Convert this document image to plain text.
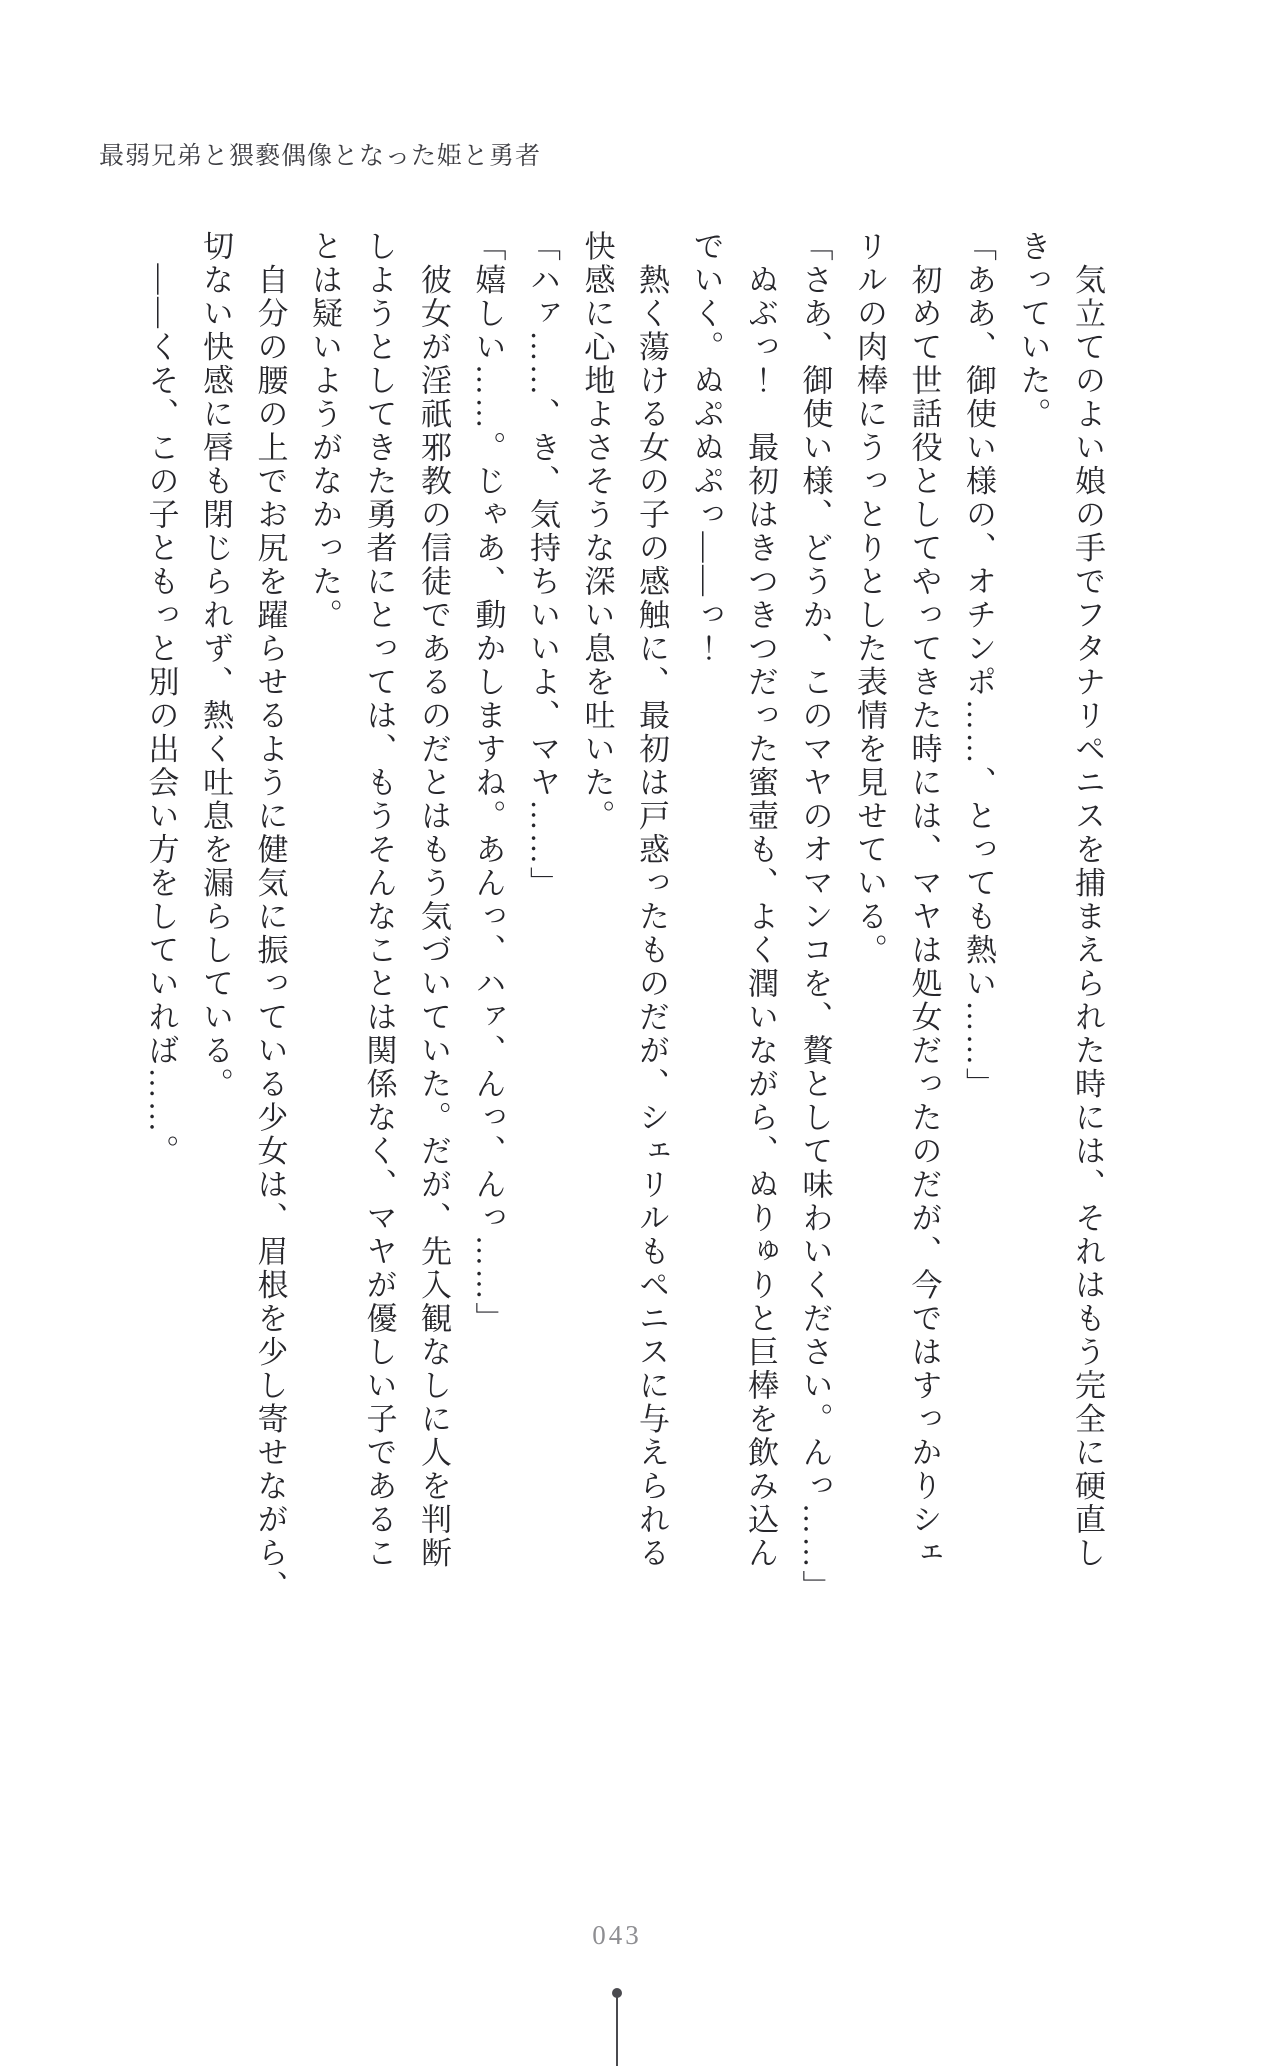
最弱兄弟と猥褻偶像となった姫と勇者

　気立てのよい娘の手でフタナリペニスを捕まえられた時には、それはもう完全に硬直し

きっていた。

「ああ、御使い様の、オチンポ……、とっても熱い……」

　初めて世話役としてやってきた時には、マヤは処女だったのだが、今ではすっかりシェ

リルの肉棒にうっとりとした表情を見せている。

「さあ、御使い様、どうか、このマヤのオマンコを、贅として味わいください。んっ……」

　ぬぶっ！　最初はきつきつだった蜜壺も、よく潤いながら、ぬりゅりと巨棒を飲み込ん

でいく。ぬぷぬぷっ――っ！

　熱く蕩ける女の子の感触に、最初は戸惑ったものだが、シェリルもペニスに与えられる

快感に心地よさそうな深い息を吐いた。

「ハァ……、き、気持ちいいよ、マヤ……」

「嬉しい……。じゃあ、動かしますね。あんっ、ハァ、んっ、んっ……」

　彼女が淫祇邪教の信徒であるのだとはもう気づいていた。だが、先入観なしに人を判断

しようとしてきた勇者にとっては、もうそんなことは関係なく、マヤが優しい子であるこ

とは疑いようがなかった。

　自分の腰の上でお尻を躍らせるように健気に振っている少女は、眉根を少し寄せながら、

切ない快感に唇も閉じられず、熱く吐息を漏らしている。

　――くそ、この子ともっと別の出会い方をしていれば……。

043
